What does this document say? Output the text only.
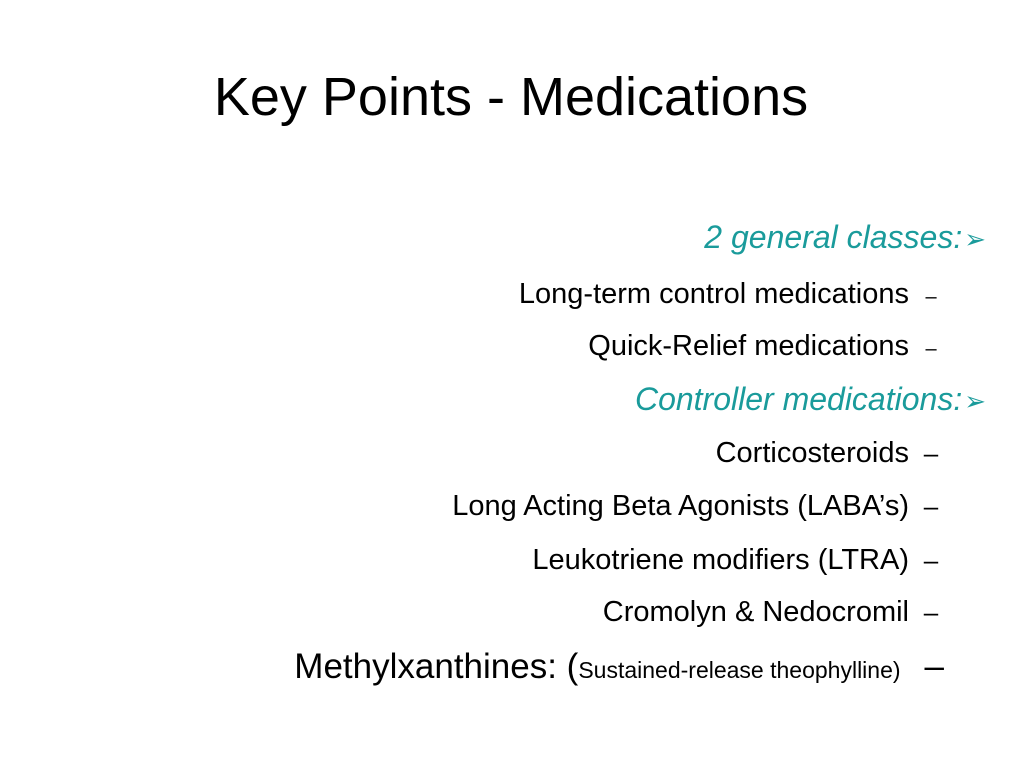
Key Points - Medications
2 general classes: ➢
Long-term control medications –
Quick-Relief medications –
Controller medications: ➢
Corticosteroids –
Long Acting Beta Agonists (LABA’s) –
Leukotriene modifiers (LTRA) –
Cromolyn & Nedocromil –
Methylxanthines: ( Sustained-release theophylline) –
